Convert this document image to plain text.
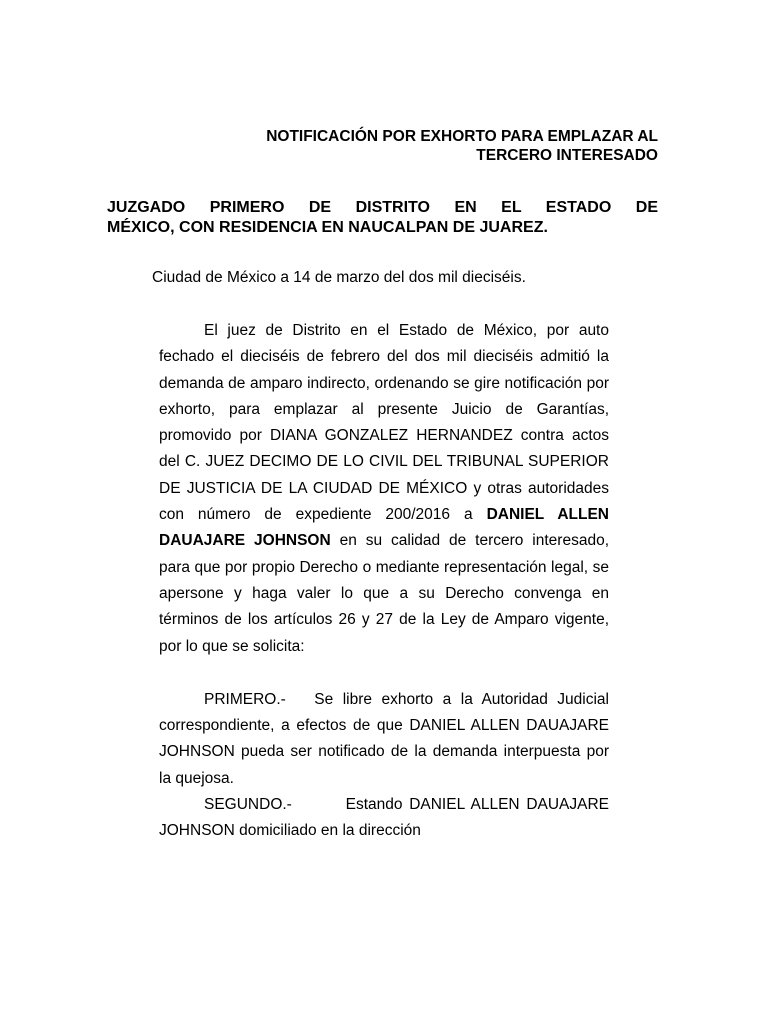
NOTIFICACIÓN POR EXHORTO PARA EMPLAZAR AL
TERCERO INTERESADO
JUZGADO PRIMERO DE DISTRITO EN EL ESTADO DE
MÉXICO, CON RESIDENCIA EN NAUCALPAN DE JUAREZ.
Ciudad de México a 14 de marzo del dos mil dieciséis.

El juez de Distrito en el Estado de México, por auto fechado el dieciséis de febrero del dos mil dieciséis admitió la demanda de amparo indirecto, ordenando se gire notificación por exhorto, para emplazar al presente Juicio de Garantías, promovido por DIANA GONZALEZ HERNANDEZ contra actos del C. JUEZ DECIMO DE LO CIVIL DEL TRIBUNAL SUPERIOR DE JUSTICIA DE LA CIUDAD DE MÉXICO y otras autoridades con número de expediente 200/2016 a DANIEL ALLEN DAUAJARE JOHNSON en su calidad de tercero interesado, para que por propio Derecho o mediante representación legal, se apersone y haga valer lo que a su Derecho convenga en términos de los artículos 26 y 27 de la Ley de Amparo vigente, por lo que se solicita:

PRIMERO.- Se libre exhorto a la Autoridad Judicial correspondiente, a efectos de que DANIEL ALLEN DAUAJARE JOHNSON pueda ser notificado de la demanda interpuesta por la quejosa.

SEGUNDO.-	Estando DANIEL ALLEN DAUAJARE JOHNSON domiciliado en la dirección
